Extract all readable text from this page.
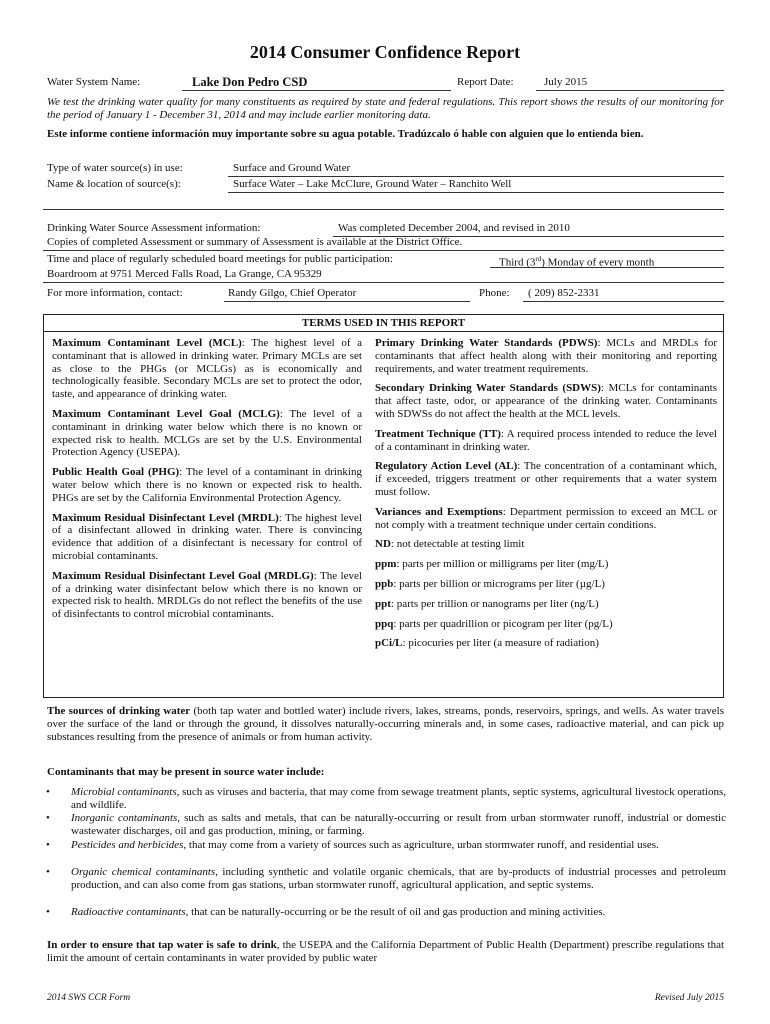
2014 Consumer Confidence Report
Water System Name:	Lake Don Pedro CSD	Report Date:	July 2015
We test the drinking water quality for many constituents as required by state and federal regulations. This report shows the results of our monitoring for the period of January 1 - December 31, 2014 and may include earlier monitoring data.
Este informe contiene información muy importante sobre su agua potable. Tradúzcalo ó hable con alguien que lo entienda bien.
Type of water source(s) in use:	Surface and Ground Water
Name & location of source(s):	Surface Water – Lake McClure, Ground Water – Ranchito Well
Drinking Water Source Assessment information:	Was completed December 2004, and revised in 2010
Copies of completed Assessment or summary of Assessment is available at the District Office.
Time and place of regularly scheduled board meetings for public participation:	Third (3rd) Monday of every month
Boardroom at 9751 Merced Falls Road, La Grange, CA 95329
For more information, contact:	Randy Gilgo, Chief Operator	Phone: ( 209) 852-2331
TERMS USED IN THIS REPORT

Maximum Contaminant Level (MCL): The highest level of a contaminant that is allowed in drinking water. Primary MCLs are set as close to the PHGs (or MCLGs) as is economically and technologically feasible. Secondary MCLs are set to protect the odor, taste, and appearance of drinking water.

Maximum Contaminant Level Goal (MCLG): The level of a contaminant in drinking water below which there is no known or expected risk to health. MCLGs are set by the U.S. Environmental Protection Agency (USEPA).

Public Health Goal (PHG): The level of a contaminant in drinking water below which there is no known or expected risk to health. PHGs are set by the California Environmental Protection Agency.

Maximum Residual Disinfectant Level (MRDL): The highest level of a disinfectant allowed in drinking water. There is convincing evidence that addition of a disinfectant is necessary for control of microbial contaminants.

Maximum Residual Disinfectant Level Goal (MRDLG): The level of a drinking water disinfectant below which there is no known or expected risk to health. MRDLGs do not reflect the benefits of the use of disinfectants to control microbial contaminants.

Primary Drinking Water Standards (PDWS): MCLs and MRDLs for contaminants that affect health along with their monitoring and reporting requirements, and water treatment requirements.

Secondary Drinking Water Standards (SDWS): MCLs for contaminants that affect taste, odor, or appearance of the drinking water. Contaminants with SDWSs do not affect the health at the MCL levels.

Treatment Technique (TT): A required process intended to reduce the level of a contaminant in drinking water.

Regulatory Action Level (AL): The concentration of a contaminant which, if exceeded, triggers treatment or other requirements that a water system must follow.

Variances and Exemptions: Department permission to exceed an MCL or not comply with a treatment technique under certain conditions.

ND: not detectable at testing limit

ppm: parts per million or milligrams per liter (mg/L)

ppb: parts per billion or micrograms per liter (µg/L)

ppt: parts per trillion or nanograms per liter (ng/L)

ppq: parts per quadrillion or picogram per liter (pg/L)

pCi/L: picocuries per liter (a measure of radiation)

The sources of drinking water (both tap water and bottled water) include rivers, lakes, streams, ponds, reservoirs, springs, and wells. As water travels over the surface of the land or through the ground, it dissolves naturally-occurring minerals and, in some cases, radioactive material, and can pick up substances resulting from the presence of animals or from human activity.
Contaminants that may be present in source water include:
• Microbial contaminants, such as viruses and bacteria, that may come from sewage treatment plants, septic systems, agricultural livestock operations, and wildlife.
• Inorganic contaminants, such as salts and metals, that can be naturally-occurring or result from urban stormwater runoff, industrial or domestic wastewater discharges, oil and gas production, mining, or farming.
• Pesticides and herbicides, that may come from a variety of sources such as agriculture, urban stormwater runoff, and residential uses.
• Organic chemical contaminants, including synthetic and volatile organic chemicals, that are by-products of industrial processes and petroleum production, and can also come from gas stations, urban stormwater runoff, agricultural application, and septic systems.
• Radioactive contaminants, that can be naturally-occurring or be the result of oil and gas production and mining activities.
In order to ensure that tap water is safe to drink, the USEPA and the California Department of Public Health (Department) prescribe regulations that limit the amount of certain contaminants in water provided by public water
2014 SWS CCR Form	Revised July 2015
